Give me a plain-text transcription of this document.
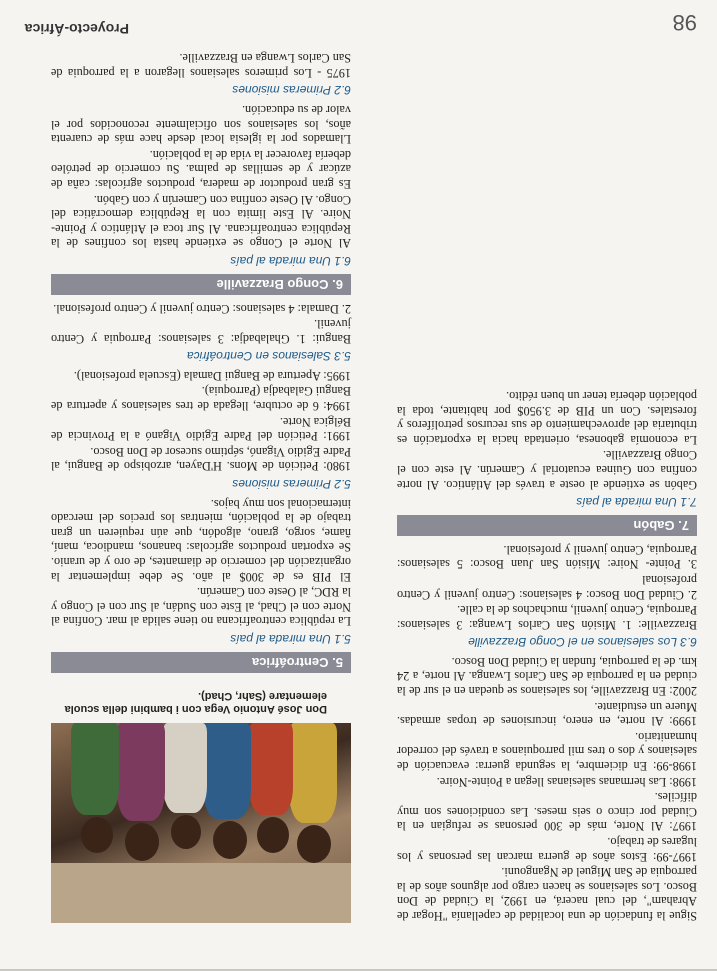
98
Proyecto-África

Sigue la fundación de una localidad de capellanía "Hogar de Abraham", del cual nacerá, en 1992, la Ciudad de Don Bosco. Los salesianos se hacen cargo por algunos años de la parroquia de San Miguel de Ngangouni.

1997-99: Estos años de guerra marcan las personas y los lugares de trabajo.

1997: Al Norte, más de 300 personas se refugian en la Ciudad por cinco o seis meses. Las condiciones son muy difíciles.

1998: Las hermanas salesianas llegan a Pointe-Noire.

1998-99: En diciembre, la segunda guerra: evacuación de salesianos y dos o tres mil parroquianos a través del corredor humanitario.

1999: Al norte, en enero, incursiones de tropas armadas. Muere un estudiante.

2002: En Brazzaville, los salesianos se quedan en el sur de la ciudad en la parroquia de San Carlos Lwanga. Al norte, a 24 km. de la parroquia, fundan la Ciudad Don Bosco.

6.3 Los salesianos en el Congo Brazzaville

Brazzaville: 1. Misión San Carlos Lwanga: 3 salesianos: Parroquia, Centro juvenil, muchachos de la calle.

2. Ciudad Don Bosco: 4 salesianos: Centro juvenil y Centro profesional

3. Pointe- Noire: Misión San Juan Bosco: 5 salesianos: Parroquia, Centro juvenil y profesional.

7. Gabón
7.1 Una mirada al país

Gabón se extiende al oeste a través del Atlántico. Al norte confina con Guinea ecuatorial y Camerún. Al este con el Congo Brazzaville.

La economía gabonesa, orientada hacia la exportación es tributaria del aprovechamiento de sus recursos petrolíferos y forestales. Con un PIB de 3.950$ por habitante, toda la población debería tener un buen rédito.

Don José Antonio Vega con i bambini della scuola elementare (Sahr, Chad).
5. Centroáfrica
5.1 Una mirada al país

La república centroafricana no tiene salida al mar. Confina al Norte con el Chad, al Este con Sudán, al Sur con el Congo y la RDC, al Oeste con Camerún.

El PIB es de 300$ al año. Se debe implementar la organización del comercio de diamantes, de oro y de uranio. Se exportan productos agrícolas: bananos, mandioca, maní, ñame, sorgo, grano, algodón, que aún requieren un gran trabajo de la población, mientras los precios del mercado internacional son muy bajos.

5.2 Primeras misiones

1980: Petición de Mons. H'Dayen, arzobispo de Bangui, al Padre Egidio Viganó, séptimo sucesor de Don Bosco.

1991: Petición del Padre Egidio Viganó a la Provincia de Bélgica Norte.

1994: 6 de octubre, llegada de tres salesianos y apertura de Bangui Galabadja (Parroquia).

1995: Apertura de Bangui Damala (Escuela profesional).

5.3 Salesianos en Centroáfrica

Bangui: 1. Ghalabadja: 3 salesianos: Parroquia y Centro juvenil.

2. Damala: 4 salesianos: Centro juvenil y Centro profesional.

6. Congo Brazzaville
6.1 Una mirada al país

Al Norte el Congo se extiende hasta los confines de la República centroafricana. Al Sur toca el Atlántico y Pointe-Noire. Al Este limita con la República democrática del Congo. Al Oeste confina con Camerún y con Gabón.

Es gran productor de madera, productos agrícolas: caña de azúcar y de semillas de palma. Su comercio de petróleo debería favorecer la vida de la población.

Llamados por la iglesia local desde hace más de cuarenta años, los salesianos son oficialmente reconocidos por el valor de su educación.

6.2 Primeras misiones

1975 - Los primeros salesianos llegaron a la parroquia de San Carlos Lwanga en Brazzaville.
